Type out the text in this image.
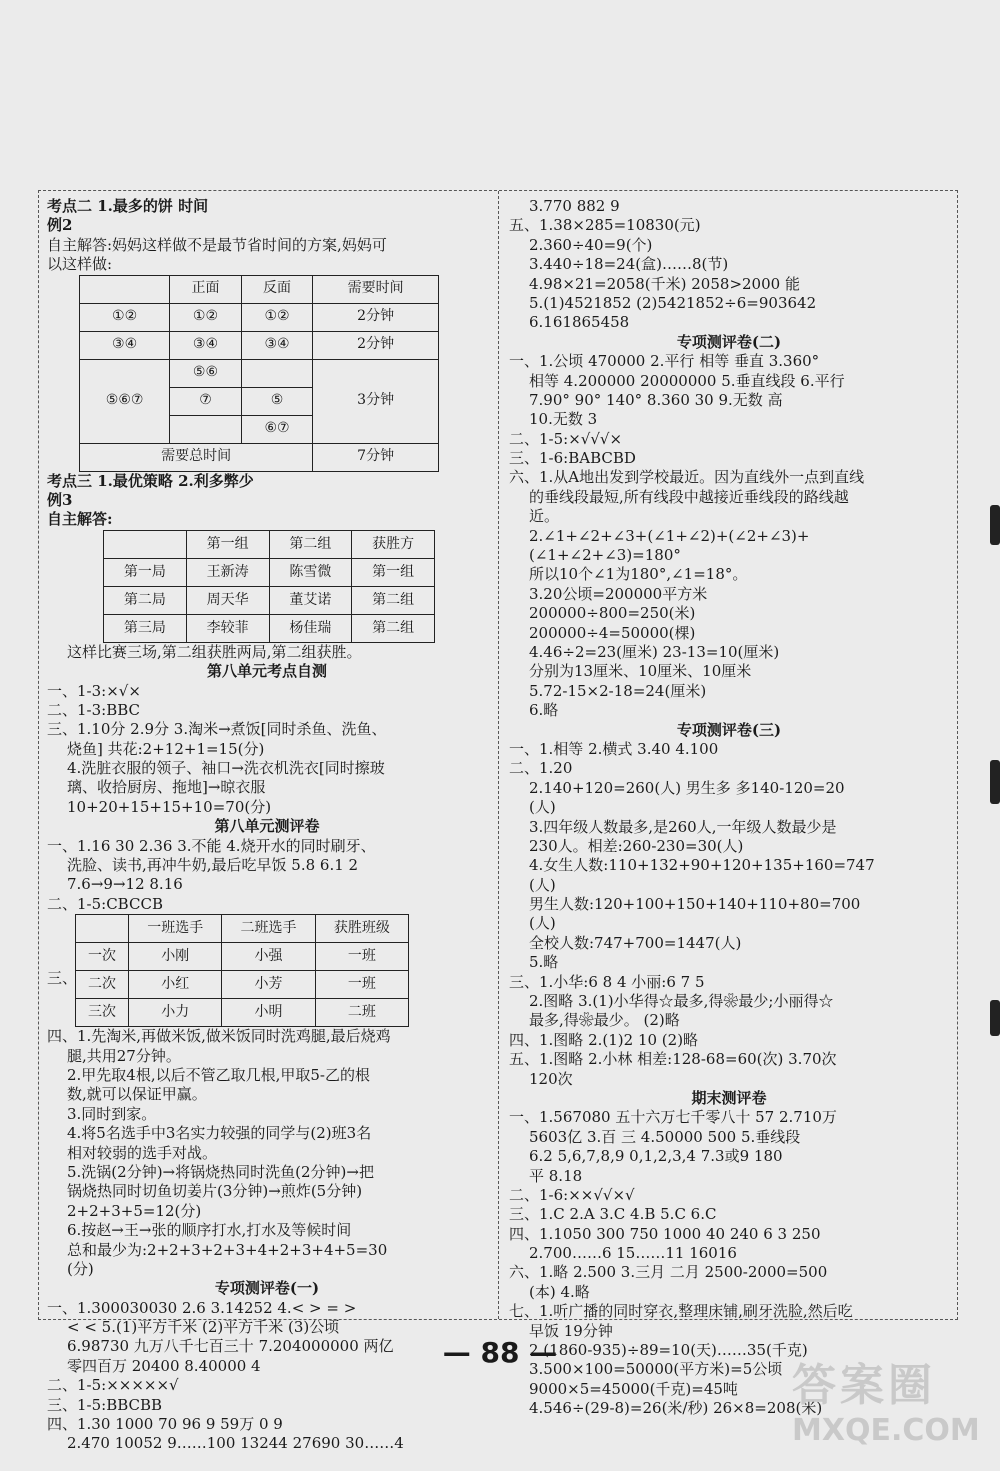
考点二 1.最多的饼 时间
例2
自主解答:妈妈这样做不是最节省时间的方案,妈妈可
以这样做:
	正面	反面	需要时间
①②	①②	①②	2分钟
③④	③④	③④	2分钟
⑤⑥⑦	⑤⑥		3分钟
	⑦	⑤	
		⑥⑦	
需要总时间			7分钟
考点三 1.最优策略 2.利多弊少
例3
自主解答:
	第一组	第二组	获胜方
第一局	王新涛	陈雪微	第一组
第二局	周天华	董艾诺	第二组
第三局	李较菲	杨佳瑞	第二组
这样比赛三场,第二组获胜两局,第二组获胜。
第八单元考点自测
一、1-3:×√×
二、1-3:BBC
三、1.10分 2.9分 3.淘米→煮饭[同时杀鱼、洗鱼、
烧鱼] 共花:2+12+1=15(分)
4.洗脏衣服的领子、袖口→洗衣机洗衣[同时擦玻
璃、收拾厨房、拖地]→晾衣服
10+20+15+15+10=70(分)
第八单元测评卷
一、1.16 30 2.36 3.不能 4.烧开水的同时刷牙、
洗脸、读书,再冲牛奶,最后吃早饭 5.8 6.1 2
7.6→9→12 8.16
二、1-5:CBCCB
三、
	一班选手	二班选手	获胜班级
一次	小刚	小强	一班
二次	小红	小芳	一班
三次	小力	小明	二班
四、1.先淘米,再做米饭,做米饭同时洗鸡腿,最后烧鸡
腿,共用27分钟。
2.甲先取4根,以后不管乙取几根,甲取5-乙的根
数,就可以保证甲赢。
3.同时到家。
4.将5名选手中3名实力较强的同学与(2)班3名
相对较弱的选手对战。
5.洗锅(2分钟)→将锅烧热同时洗鱼(2分钟)→把
锅烧热同时切鱼切姜片(3分钟)→煎炸(5分钟)
2+2+3+5=12(分)
6.按赵→王→张的顺序打水,打水及等候时间
总和最少为:2+2+3+2+3+4+2+3+4+5=30
(分)
专项测评卷(一)
一、1.300030030 2.6 3.14252 4.< > = >
< < 5.(1)平方千米 (2)平方千米 (3)公顷
6.98730 九万八千七百三十 7.204000000 两亿
零四百万 20400 8.40000 4
二、1-5:×××××√
三、1-5:BBCBB
四、1.30 1000 70 96 9 59万 0 9
2.470 10052 9……100 13244 27690 30……4
3.770 882 9
五、1.38×285=10830(元)
2.360÷40=9(个)
3.440÷18=24(盒)……8(节)
4.98×21=2058(千米) 2058>2000 能
5.(1)4521852 (2)5421852÷6=903642
6.161865458
专项测评卷(二)
一、1.公顷 470000 2.平行 相等 垂直 3.360°
相等 4.200000 20000000 5.垂直线段 6.平行
7.90° 90° 140° 8.360 30 9.无数 高
10.无数 3
二、1-5:×√√√×
三、1-6:BABCBD
六、1.从A地出发到学校最近。因为直线外一点到直线
的垂线段最短,所有线段中越接近垂线段的路线越
近。
2.∠1+∠2+∠3+(∠1+∠2)+(∠2+∠3)+
(∠1+∠2+∠3)=180°
所以10个∠1为180°,∠1=18°。
3.20公顷=200000平方米
200000÷800=250(米)
200000÷4=50000(棵)
4.46÷2=23(厘米) 23-13=10(厘米)
分别为13厘米、10厘米、10厘米
5.72-15×2-18=24(厘米)
6.略
专项测评卷(三)
一、1.相等 2.横式 3.40 4.100
二、1.20
2.140+120=260(人) 男生多 多140-120=20
(人)
3.四年级人数最多,是260人,一年级人数最少是
230人。相差:260-230=30(人)
4.女生人数:110+132+90+120+135+160=747
(人)
男生人数:120+100+150+140+110+80=700
(人)
全校人数:747+700=1447(人)
5.略
三、1.小华:6 8 4 小丽:6 7 5
2.图略 3.(1)小华得☆最多,得❀最少;小丽得☆
最多,得❀最少。 (2)略
四、1.图略 2.(1)2 10 (2)略
五、1.图略 2.小林 相差:128-68=60(次) 3.70次
120次
期末测评卷
一、1.567080 五十六万七千零八十 57 2.710万
5603亿 3.百 三 4.50000 500 5.垂线段
6.2 5,6,7,8,9 0,1,2,3,4 7.3或9 180
平 8.18
二、1-6:××√√×√
三、1.C 2.A 3.C 4.B 5.C 6.C
四、1.1050 300 750 1000 40 240 6 3 250
2.700……6 15……11 16016
六、1.略 2.500 3.三月 二月 2500-2000=500
(本) 4.略
七、1.听广播的同时穿衣,整理床铺,刷牙洗脸,然后吃
早饭 19分钟
2.(1860-935)÷89=10(天)……35(千克)
3.500×100=50000(平方米)=5公顷
9000×5=45000(千克)=45吨
4.546÷(29-8)=26(米/秒) 26×8=208(米)
— 88 —
答案圈
MXQE.COM
